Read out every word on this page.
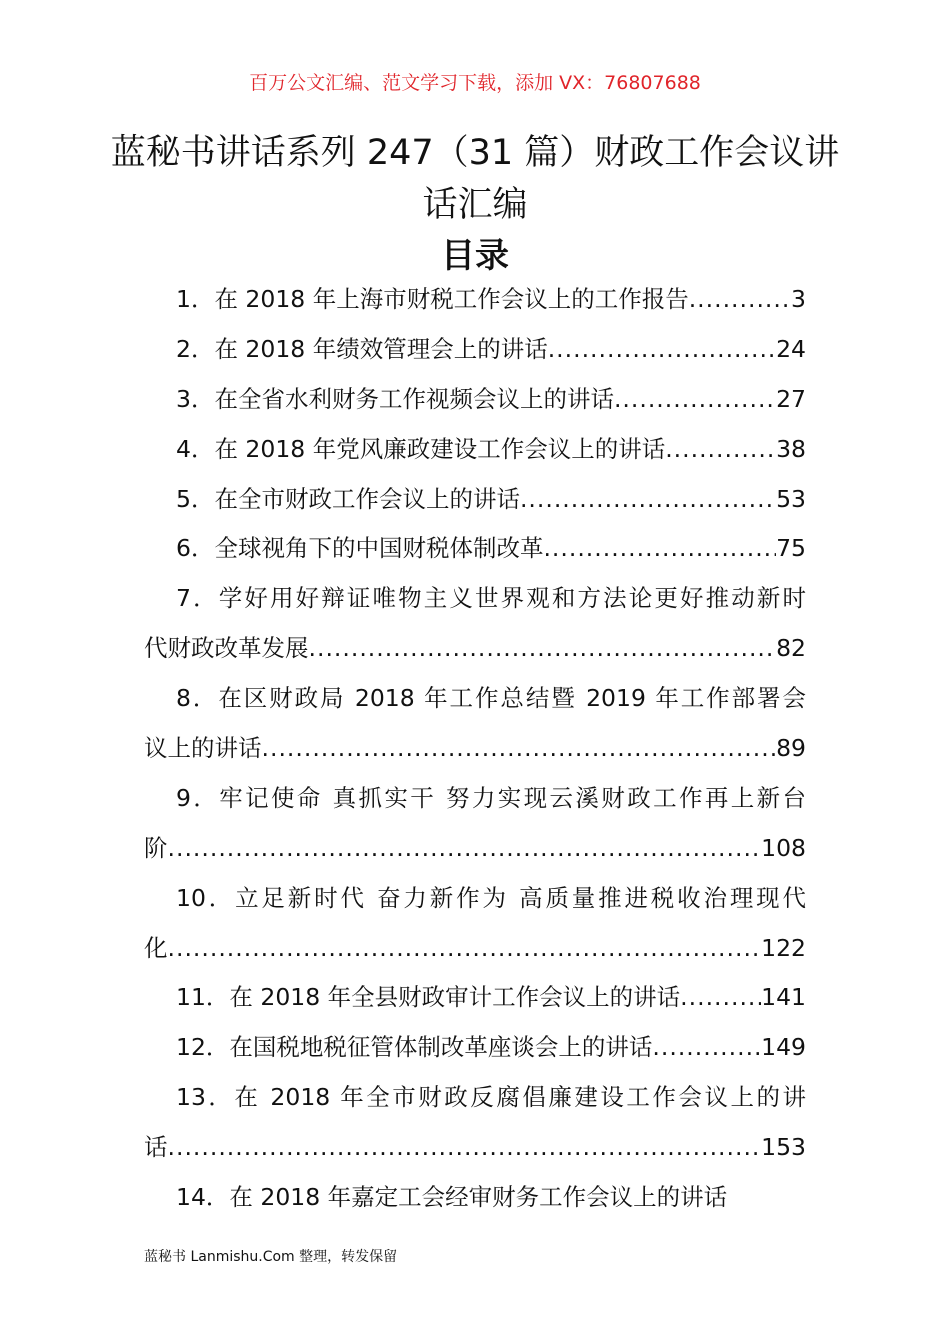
百万公文汇编、范文学习下载，添加 VX：76807688
蓝秘书讲话系列 247（31 篇）财政工作会议讲话汇编
目录
1．在 2018 年上海市财税工作会议上的工作报告 .....	3
2．在 2018 年绩效管理会上的讲话 .....	24
3．在全省水利财务工作视频会议上的讲话 .....	27
4．在 2018 年党风廉政建设工作会议上的讲话 .....	38
5．在全市财政工作会议上的讲话 .....	53
6．全球视角下的中国财税体制改革 .....	75
7．学好用好辩证唯物主义世界观和方法论更好推动新时
代财政改革发展 .....	82
8．在区财政局 2018 年工作总结暨 2019 年工作部署会
议上的讲话 .....	89
9．牢记使命 真抓实干 努力实现云溪财政工作再上新台
阶 .....	108
10．立足新时代 奋力新作为 高质量推进税收治理现代
化 .....	122
11．在 2018 年全县财政审计工作会议上的讲话 .....	141
12．在国税地税征管体制改革座谈会上的讲话 .....	149
13．在 2018 年全市财政反腐倡廉建设工作会议上的讲
话 .....	153
14．在 2018 年嘉定工会经审财务工作会议上的讲话
蓝秘书 Lanmishu.Com 整理，转发保留
